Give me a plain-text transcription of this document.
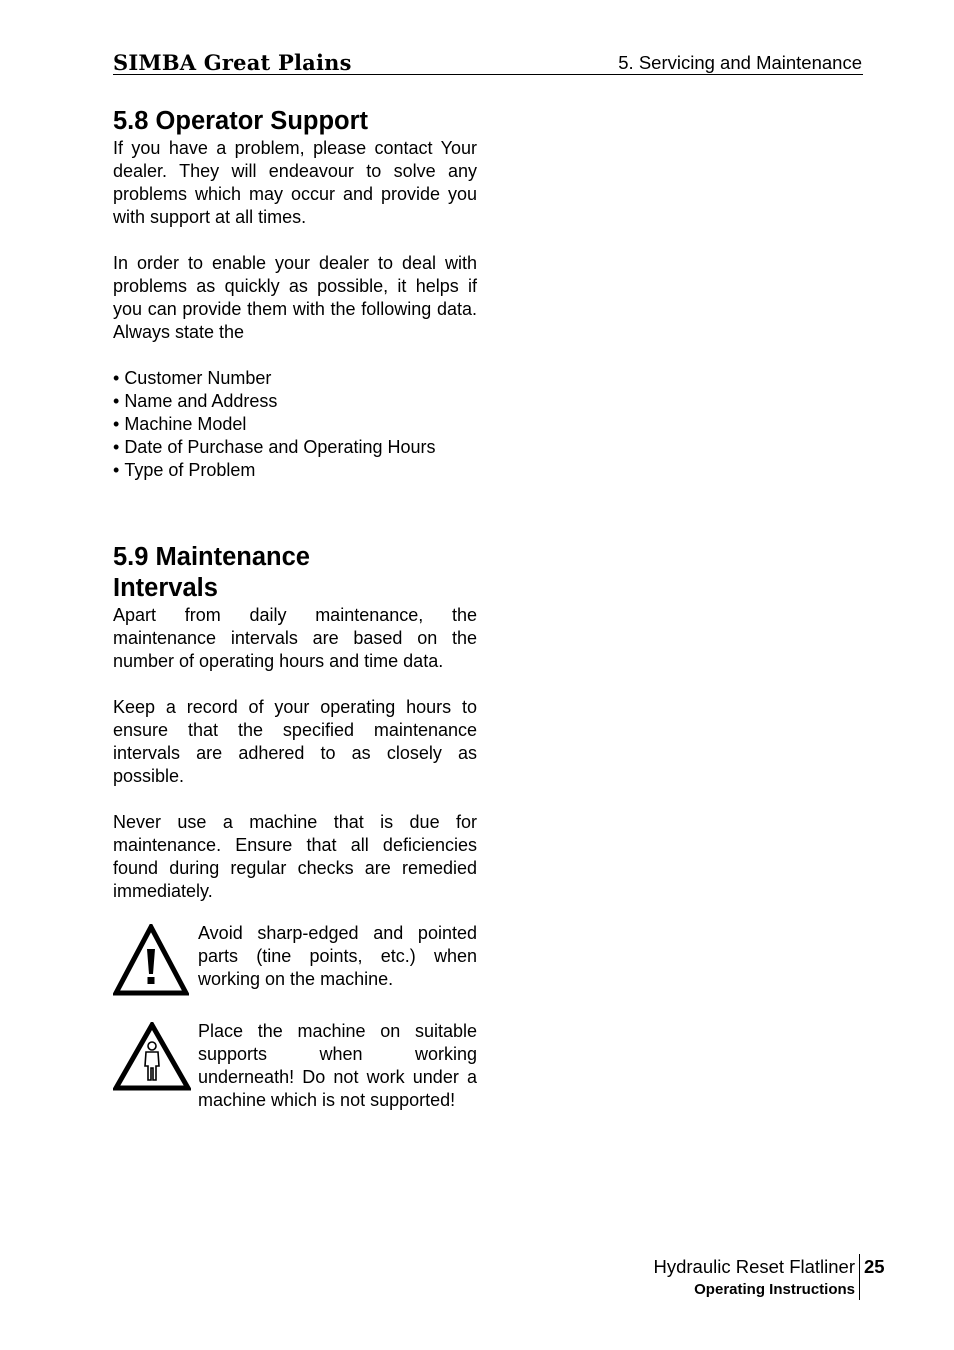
SIMBA Great Plains	5. Servicing and Maintenance
5.8 Operator Support

If you have a problem, please contact Your dealer. They will endeavour to solve any problems which may occur and provide you with support at all times.

In order to enable your dealer to deal with problems as quickly as possible, it helps if you can provide them with the following data. Always state the

• Customer Number
• Name and Address
• Machine Model
• Date of Purchase and Operating Hours
• Type of Problem
5.9 Maintenance
Intervals

Apart from daily maintenance, the maintenance intervals are based on the number of operating hours and time data.

Keep a record of your operating hours to ensure that the specified maintenance intervals are adhered to as closely as possible.

Never use a machine that is due for maintenance. Ensure that all deficiencies found during regular checks are remedied immediately.

Avoid sharp-edged and pointed parts (tine points, etc.) when working on the machine.

Place the machine on suitable supports when working underneath! Do not work under a machine which is not supported!

Hydraulic Reset Flatliner
Operating Instructions
25
